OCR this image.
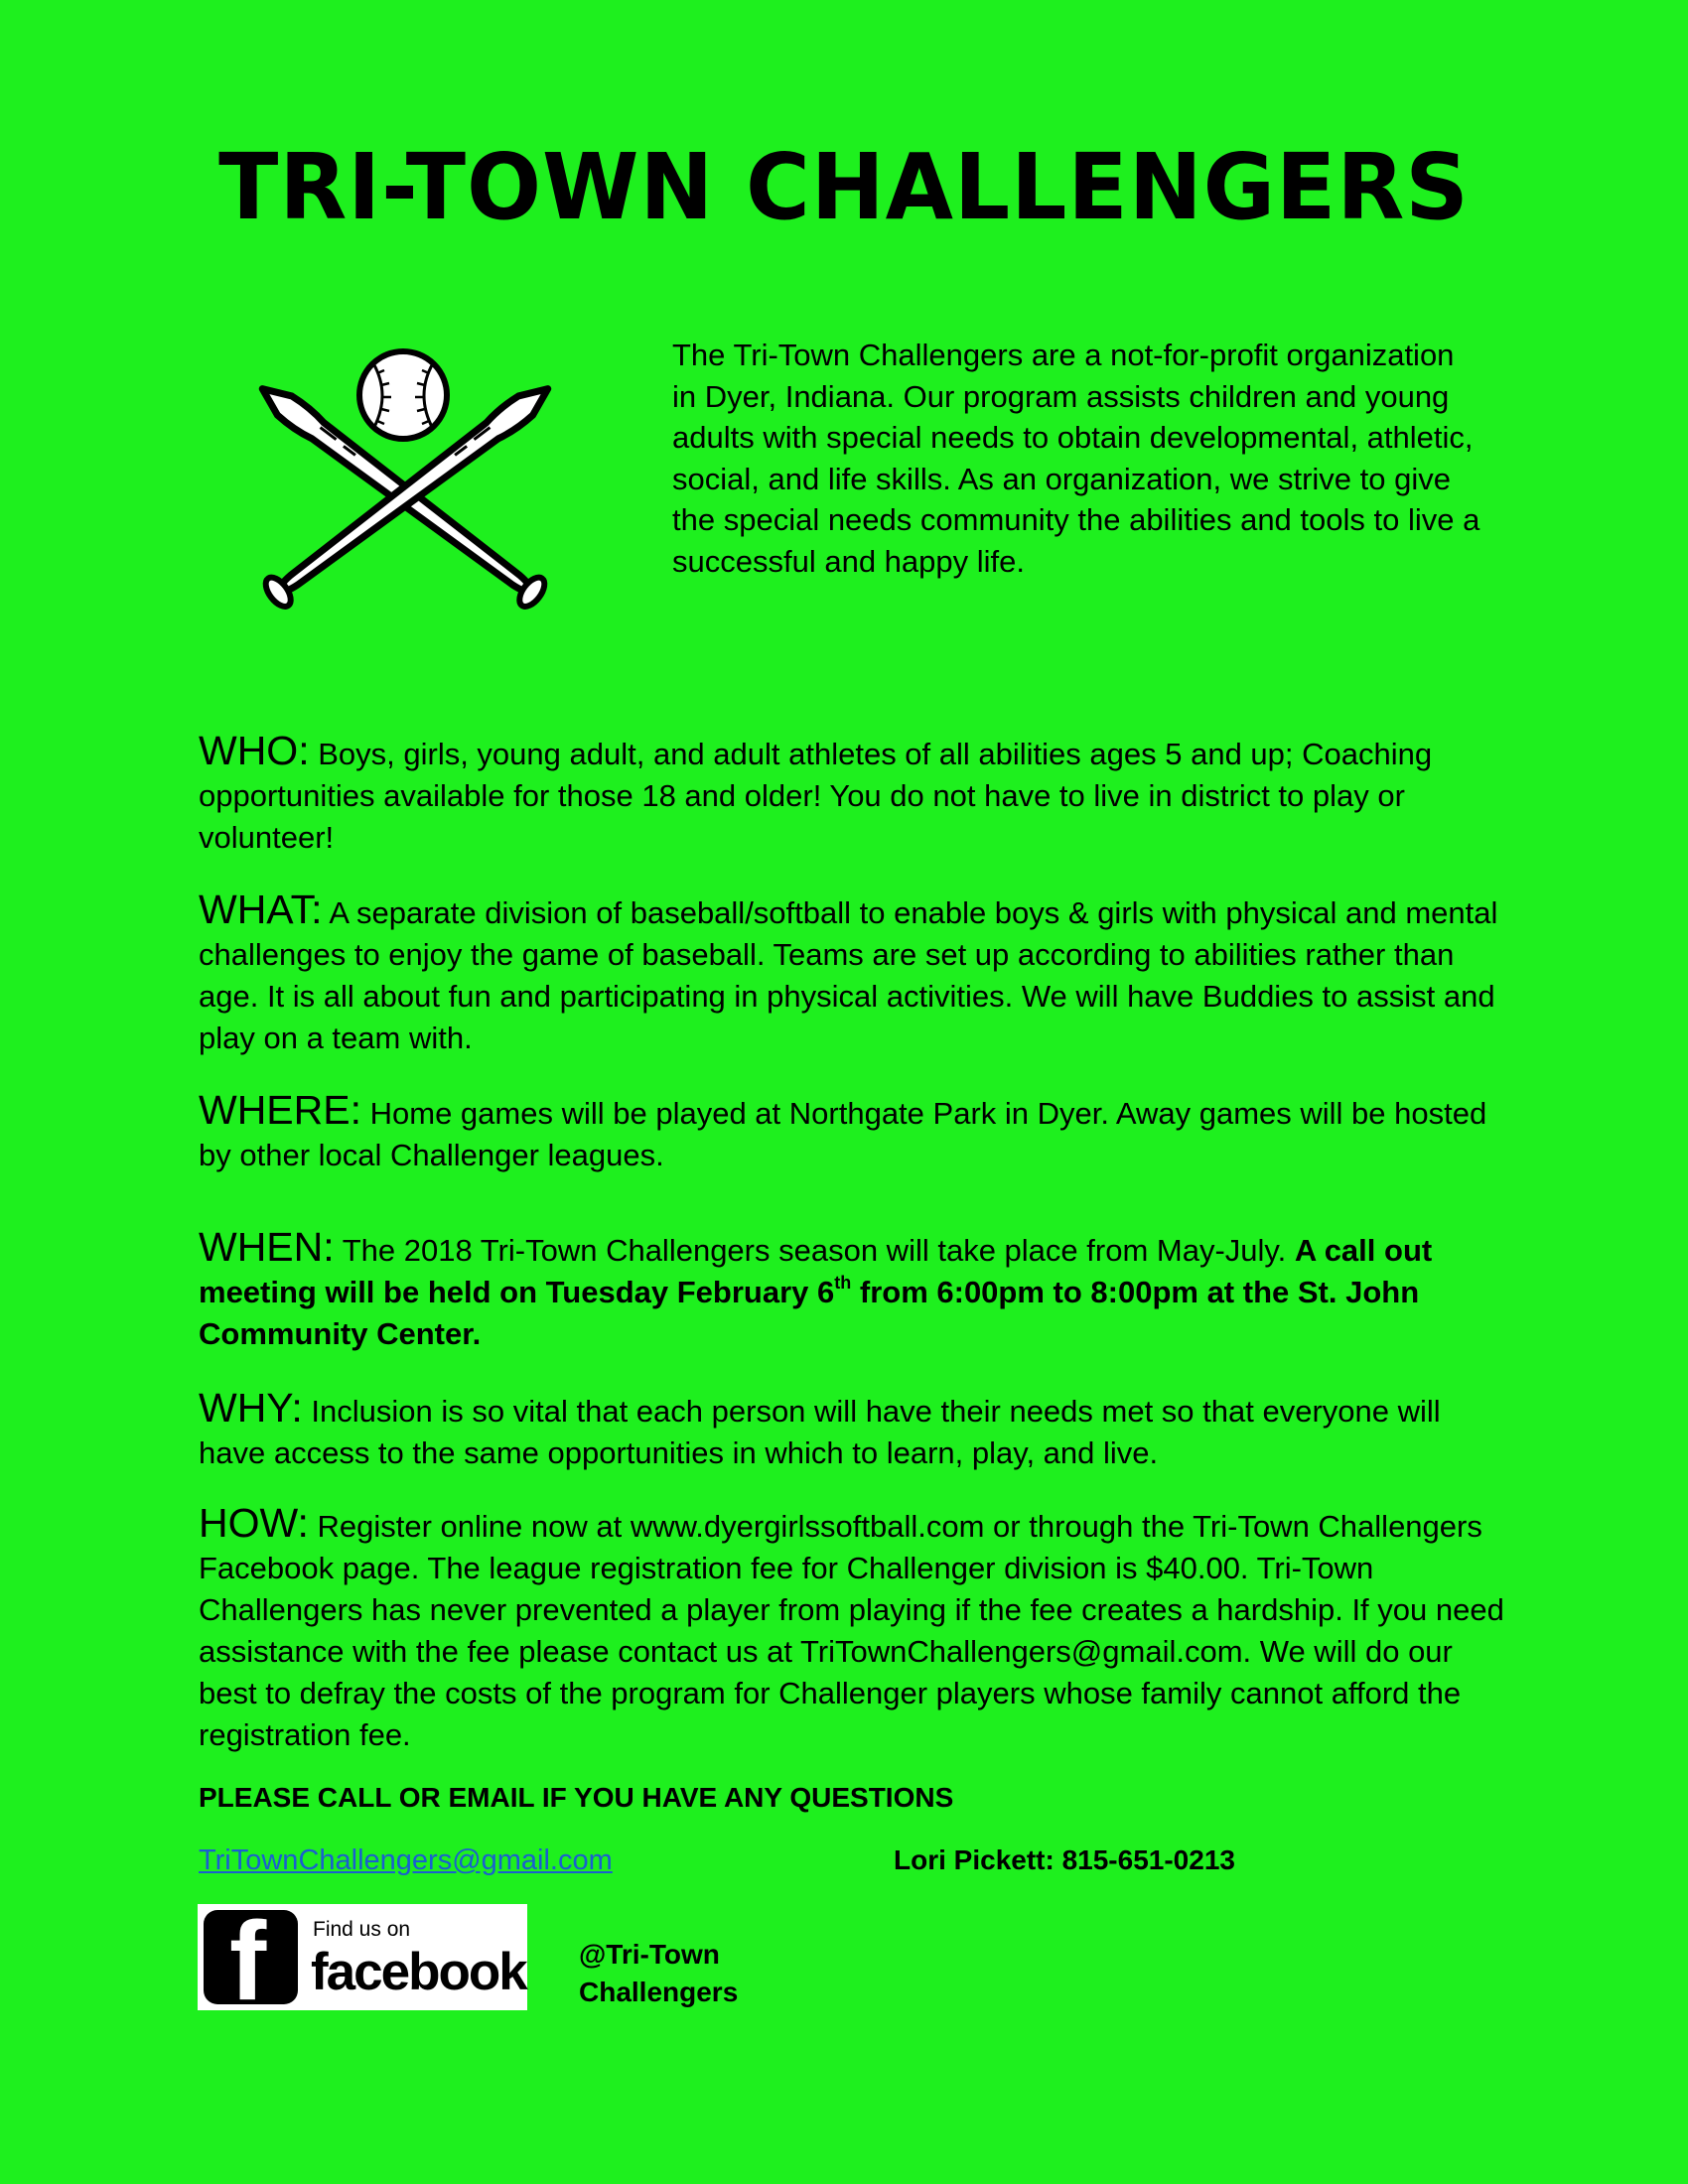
TRI-TOWN CHALLENGERS

The Tri-Town Challengers are a not-for-profit organization in Dyer, Indiana. Our program assists children and young adults with special needs to obtain developmental, athletic, social, and life skills. As an organization, we strive to give the special needs community the abilities and tools to live a successful and happy life.

WHO: Boys, girls, young adult, and adult athletes of all abilities ages 5 and up; Coaching opportunities available for those 18 and older! You do not have to live in district to play or volunteer!

WHAT: A separate division of baseball/softball to enable boys & girls with physical and mental challenges to enjoy the game of baseball. Teams are set up according to abilities rather than age. It is all about fun and participating in physical activities. We will have Buddies to assist and play on a team with.

WHERE: Home games will be played at Northgate Park in Dyer. Away games will be hosted by other local Challenger leagues.

WHEN: The 2018 Tri-Town Challengers season will take place from May-July. A call out meeting will be held on Tuesday February 6th from 6:00pm to 8:00pm at the St. John Community Center.

WHY: Inclusion is so vital that each person will have their needs met so that everyone will have access to the same opportunities in which to learn, play, and live.

HOW: Register online now at www.dyergirlssoftball.com or through the Tri-Town Challengers Facebook page. The league registration fee for Challenger division is $40.00. Tri-Town Challengers has never prevented a player from playing if the fee creates a hardship. If you need assistance with the fee please contact us at TriTownChallengers@gmail.com. We will do our best to defray the costs of the program for Challenger players whose family cannot afford the registration fee.

PLEASE CALL OR EMAIL IF YOU HAVE ANY QUESTIONS

TriTownChallengers@gmail.com	Lori Pickett: 815-651-0213
f Find us on
facebook @Tri-Town Challengers
